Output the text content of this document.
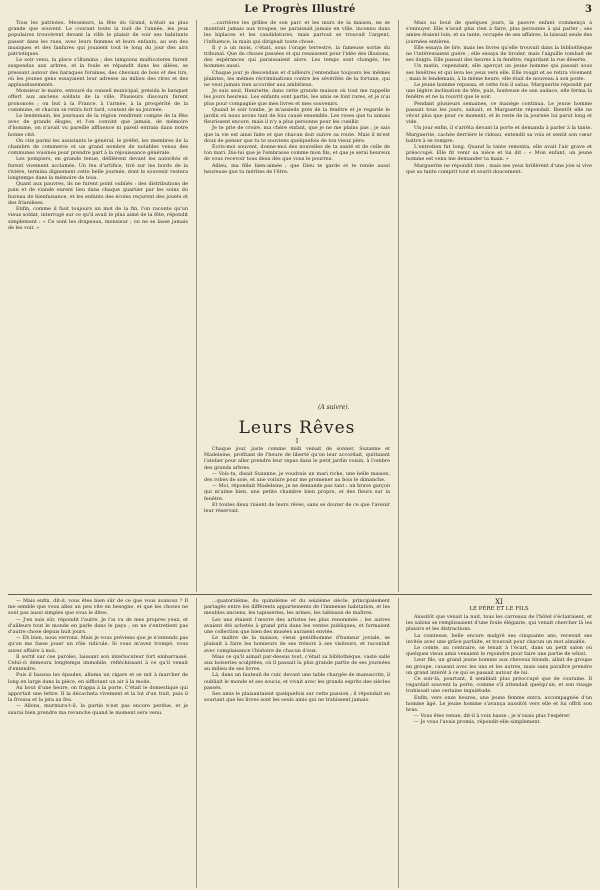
Le Progrès Illustré	3

Tous les patriotes. Messieurs, la fête du Grand, n'était sa plus grande que souvent. Le courant toute la nuit de l'année, les jeux populaires trouvèrent devant la ville le plaisir de voir ses habitants passer dans les rues, avec leurs femmes et leurs enfants, au son des musiques et des fanfares qui jouaient tout le long du jour des airs patriotiques.

Le soir venu, la place s'illumina ; des lampions multicolores furent suspendus aux arbres, et la foule se répandit dans les allées, se pressant autour des baraques foraines, des chevaux de bois et des tirs, où les jeunes gens essayaient leur adresse au milieu des rires et des applaudissements.

Monsieur le maire, entouré du conseil municipal, présida le banquet offert aux anciens soldats de la ville. Plusieurs discours furent prononcés ; on but à la France, à l'armée, à la prospérité de la commune, et chacun se retira fort tard, content de sa journée.

Le lendemain, les journaux de la région rendirent compte de la fête avec de grands éloges, et l'on convint que jamais, de mémoire d'homme, on n'avait vu pareille affluence ni pareil entrain dans notre bonne cité.

On cite parmi les assistants le général, le préfet, les membres de la chambre de commerce et un grand nombre de notables venus des communes voisines pour prendre part à la réjouissance générale.

Les pompiers, en grande tenue, défilèrent devant les autorités et furent vivement acclamés. Un feu d'artifice, tiré sur les bords de la rivière, termina dignement cette belle journée, dont le souvenir restera longtemps dans la mémoire de tous.

Quant aux pauvres, ils ne furent point oubliés : des distributions de pain et de viande eurent lieu dans chaque quartier par les soins du bureau de bienfaisance, et les enfants des écoles reçurent des jouets et des friandises.

Enfin, comme il faut toujours un mot de la fin, l'on raconte qu'un vieux soldat, interrogé sur ce qu'il avait le plus aimé de la fête, répondit simplement : « Ce sont les drapeaux, monsieur ; on ne se lasse jamais de les voir. »

...carrières les grilles de son parc et les murs de la maison, ne se montrait jamais aux troupes, ne paraissait jamais en ville, inconnu dans les biplaces et les candidatures, mais partout se trouvait l'argent, l'influence, la main qui dirigeait toute chose.

Il y a un mois, c'était, sous l'orage terrestre, la fameuse sortie du tribunal. Que de choses passées et qui renaissent pour l'idée des illusions, des espérances qui paraissaient alors. Les temps sont changés, les hommes aussi.

Chaque jour je descendais et d'ailleurs j'entendais toujours les mêmes plaintes, les mêmes récriminations contre les sévérités de la fortune, qui ne veut jamais rien accorder aux ambitieux.

Je suis seul, Henriette, dans cette grande maison où tout me rappelle les jours heureux. Les enfants sont partis, les amis se font rares, et je n'ai plus pour compagnie que mes livres et mes souvenirs.

Quand le soir tombe, je m'assieds près de la fenêtre et je regarde le jardin où nous avons tant de fois causé ensemble. Les roses que tu aimais fleurissent encore, mais il n'y a plus personne pour les cueillir.

Je te prie de croire, ma chère enfant, que je ne me plains pas ; je sais que la vie est ainsi faite et que chacun doit suivre sa route. Mais il m'est doux de penser que tu te souviens quelquefois de ton vieux père.

Écris-moi souvent, donne-moi des nouvelles de ta santé et de celle de ton mari. Dis-lui que je l'embrasse comme mon fils, et que je serai heureux de vous recevoir tous deux dès que vous le pourrez.

Adieu, ma fille bien-aimée ; que Dieu te garde et te rende aussi heureuse que tu mérites de l'être.

(A suivre).
Leurs Rêves
I

Chaque jour, juste comme midi venait de sonner, Suzanne et Madeleine, profitant de l'heure de liberté qu'on leur accordait, quittaient l'atelier pour aller prendre leur repas dans le petit jardin voisin, à l'ombre des grands arbres.

— Vois-tu, disait Suzanne, je voudrais un mari riche, une belle maison, des robes de soie, et une voiture pour me promener au bois le dimanche.

— Moi, répondait Madeleine, je ne demande pas tant : un brave garçon qui m'aime bien, une petite chambre bien propre, et des fleurs sur la fenêtre.

Et toutes deux riaient de leurs rêves, sans se douter de ce que l'avenir leur réservait.

Mais au bout de quelques jours, la pauvre enfant commença à s'ennuyer. Elle n'avait plus rien à faire, plus personne à qui parler ; ses amies étaient loin, et sa tante, occupée de ses affaires, la laissait seule des journées entières.

Elle essaya de lire, mais les livres qu'elle trouvait dans la bibliothèque ne l'intéressaient guère ; elle essaya de broder, mais l'aiguille tombait de ses doigts. Elle passait des heures à la fenêtre, regardant la rue déserte.

Un matin, cependant, elle aperçut un jeune homme qui passait sous ses fenêtres et qui leva les yeux vers elle. Elle rougit et se retira vivement ; mais le lendemain, à la même heure, elle était de nouveau à son poste.

Le jeune homme repassa, et cette fois il salua. Marguerite répondit par une légère inclination de tête, puis, honteuse de son audace, elle ferma la fenêtre et ne la rouvrit que le soir.

Pendant plusieurs semaines, ce manège continua. Le jeune homme passait tous les jours, saluait, et Marguerite répondait. Bientôt elle ne vécut plus que pour ce moment, et le reste de la journée lui parut long et vide.

Un jour enfin, il s'arrêta devant la porte et demanda à parler à la tante. Marguerite, cachée derrière le rideau, entendit sa voix et sentit son cœur battre à se rompre.

L'entretien fut long. Quand la tante remonta, elle avait l'air grave et préoccupé. Elle fit venir sa nièce et lui dit : « Mon enfant, un jeune homme est venu me demander ta main. »

Marguerite ne répondit rien ; mais ses yeux brillèrent d'une joie si vive que sa tante comprit tout et sourit doucement.

— Mais enfin, dit-il, vous êtes bien sûr de ce que vous avancez ? Il me semble que vous allez un peu vite en besogne, et que les choses ne sont pas aussi simples que vous le dites.

— J'en suis sûr, répondit l'autre. Je l'ai vu de mes propres yeux, et d'ailleurs tout le monde en parle dans le pays ; on ne s'entretient pas d'autre chose depuis huit jours.

— Eh bien, nous verrons. Mais je vous préviens que je n'entends pas qu'on me fasse jouer un rôle ridicule. Si vous m'avez trompé, vous aurez affaire à moi.

Il sortit sur ces paroles, laissant son interlocuteur fort embarrassé. Celui-ci demeura longtemps immobile, réfléchissant à ce qu'il venait d'entendre.

Puis il haussa les épaules, alluma un cigare et se mit à marcher de long en large dans la pièce, en sifflotant un air à la mode.

Au bout d'une heure, on frappa à la porte. C'était le domestique qui apportait une lettre. Il la décacheta vivement et la lut d'un trait, puis il la froissa et la jeta au feu.

— Allons, murmura-t-il, la partie n'est pas encore perdue, et je saurai bien prendre ma revanche quand le moment sera venu.

...quatorzième, du quinzième et du seizième siècle, principalement partagés entre les différents appartements de l'immense habitation, et les meubles anciens, les tapisseries, les armes, les tableaux de maîtres.

Les uns étaient l'œuvre des artistes les plus renommés ; les autres avaient été achetés à grand prix dans les ventes publiques, et formaient une collection que bien des musées auraient enviée.

Le maître de la maison, vieux gentilhomme d'humeur joviale, se plaisait à faire les honneurs de ses trésors à ses visiteurs, et racontait avec complaisance l'histoire de chacun d'eux.

Mais ce qu'il aimait par-dessus tout, c'était sa bibliothèque, vaste salle aux boiseries sculptées, où il passait la plus grande partie de ses journées au milieu de ses livres.

Là, dans un fauteuil de cuir, devant une table chargée de manuscrits, il oubliait le monde et ses soucis, et vivait avec les grands esprits des siècles passés.

Ses amis le plaisantaient quelquefois sur cette passion ; il répondait en souriant que les livres sont les seuls amis qui ne trahissent jamais.

XI
LE PÈRE ET LE FILS

Aussitôt que venait la nuit, tous les carreaux de l'hôtel s'éclairaient, et les salons se remplissaient d'une foule élégante, qui venait chercher là les plaisirs et les distractions.

La comtesse, belle encore malgré ses cinquante ans, recevait ses invités avec une grâce parfaite, et trouvait pour chacun un mot aimable.

Le comte, au contraire, se tenait à l'écart, dans un petit salon où quelques vieux amis venaient le rejoindre pour faire une partie de whist.

Leur fils, un grand jeune homme aux cheveux blonds, allait de groupe en groupe, causant avec les uns et les autres, mais sans paraître prendre un grand intérêt à ce qui se passait autour de lui.

Ce soir-là, pourtant, il semblait plus préoccupé que de coutume. Il regardait souvent la porte, comme s'il attendait quelqu'un, et son visage trahissait une certaine inquiétude.

Enfin, vers onze heures, une jeune femme entra, accompagnée d'un homme âgé. Le jeune homme s'avança aussitôt vers elle et lui offrit son bras.

— Vous êtes venue, dit-il à voix basse ; je n'osais plus l'espérer.

— Je vous l'avais promis, répondit-elle simplement.
